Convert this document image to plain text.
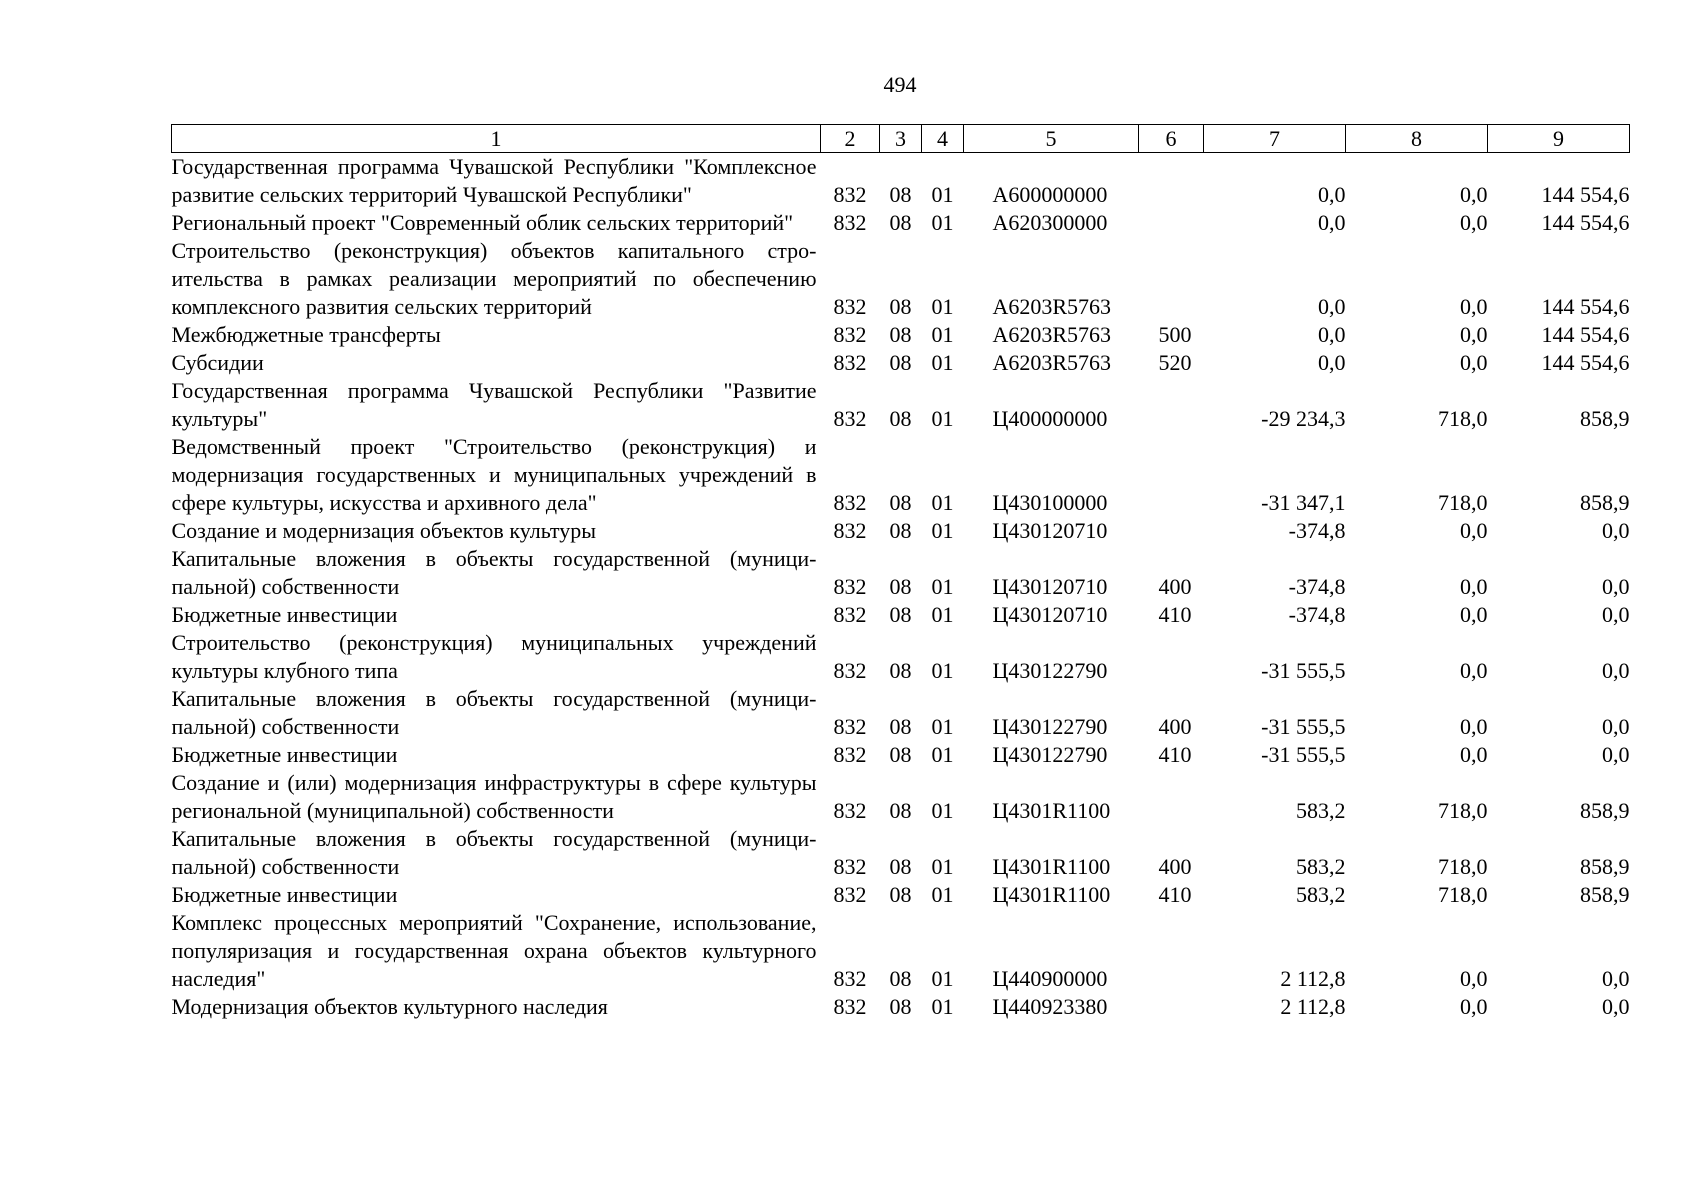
494
1	2	3	4	5	6	7	8	9
Государственная программа Чувашской Республики "Комплексное развитие сельских территорий Чувашской Республики"	832	08	01	А600000000		0,0	0,0	144 554,6
Региональный проект "Современный облик сельских территорий"	832	08	01	А620300000		0,0	0,0	144 554,6
Строительство (реконструкция) объектов капитального строительства в рамках реализации мероприятий по обеспечению комплексного развития сельских территорий	832	08	01	А6203R5763		0,0	0,0	144 554,6
Межбюджетные трансферты	832	08	01	А6203R5763	500	0,0	0,0	144 554,6
Субсидии	832	08	01	А6203R5763	520	0,0	0,0	144 554,6
Государственная программа Чувашской Республики "Развитие культуры"	832	08	01	Ц400000000		-29 234,3	718,0	858,9
Ведомственный проект "Строительство (реконструкция) и модернизация государственных и муниципальных учреждений в сфере культуры, искусства и архивного дела"	832	08	01	Ц430100000		-31 347,1	718,0	858,9
Создание и модернизация объектов культуры	832	08	01	Ц430120710		-374,8	0,0	0,0
Капитальные вложения в объекты государственной (муниципальной) собственности	832	08	01	Ц430120710	400	-374,8	0,0	0,0
Бюджетные инвестиции	832	08	01	Ц430120710	410	-374,8	0,0	0,0
Строительство (реконструкция) муниципальных учреждений культуры клубного типа	832	08	01	Ц430122790		-31 555,5	0,0	0,0
Капитальные вложения в объекты государственной (муниципальной) собственности	832	08	01	Ц430122790	400	-31 555,5	0,0	0,0
Бюджетные инвестиции	832	08	01	Ц430122790	410	-31 555,5	0,0	0,0
Создание и (или) модернизация инфраструктуры в сфере культуры региональной (муниципальной) собственности	832	08	01	Ц4301R1100		583,2	718,0	858,9
Капитальные вложения в объекты государственной (муниципальной) собственности	832	08	01	Ц4301R1100	400	583,2	718,0	858,9
Бюджетные инвестиции	832	08	01	Ц4301R1100	410	583,2	718,0	858,9
Комплекс процессных мероприятий "Сохранение, использование, популяризация и государственная охрана объектов культурного наследия"	832	08	01	Ц440900000		2 112,8	0,0	0,0
Модернизация объектов культурного наследия	832	08	01	Ц440923380		2 112,8	0,0	0,0
